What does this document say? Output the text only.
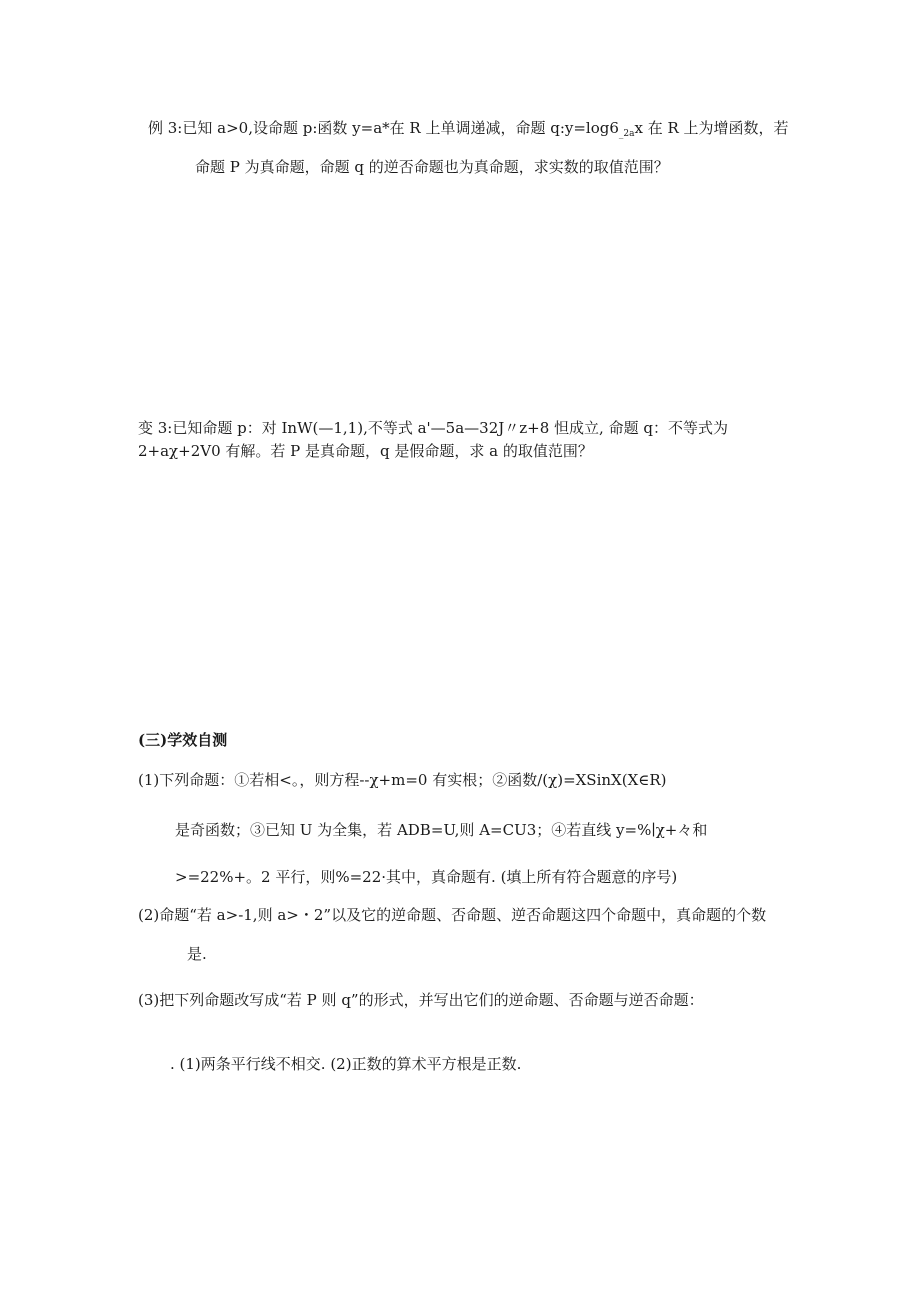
例 3:已知 a>0,设命题 p:函数 y=a*在 R 上单调递减，命题 $q:y=\log 6_{\_2a}x$ 在 R 上为增函数，若
命题 P 为真命题，命题 q 的逆否命题也为真命题，求实数的取值范围？
变 3:已知命题 p：对 InW(—1,1),不等式 a'—5a—32J〃z+8 怛成立, 命题 q：不等式为
2+aχ+2V0 有解。若 P 是真命题，q 是假命题，求 a 的取值范围？
(三)学效自测
(1)下列命题：①若相<。，则方程--χ+m=0 有实根；②函数/(χ)=XSinX(X∈R)
是奇函数；③已知 U 为全集，若 ADB=U,则 A=CU3；④若直线 y=%∣χ+々和
>=22%+。2 平行，则%=22·其中，真命题有. (填上所有符合题意的序号)
(2)命题“若 a>-1,则 a>・2”以及它的逆命题、否命题、逆否命题这四个命题中，真命题的个数
是.
(3)把下列命题改写成“若 P 则 q”的形式，并写出它们的逆命题、否命题与逆否命题：
. (1)两条平行线不相交. (2)正数的算术平方根是正数.
